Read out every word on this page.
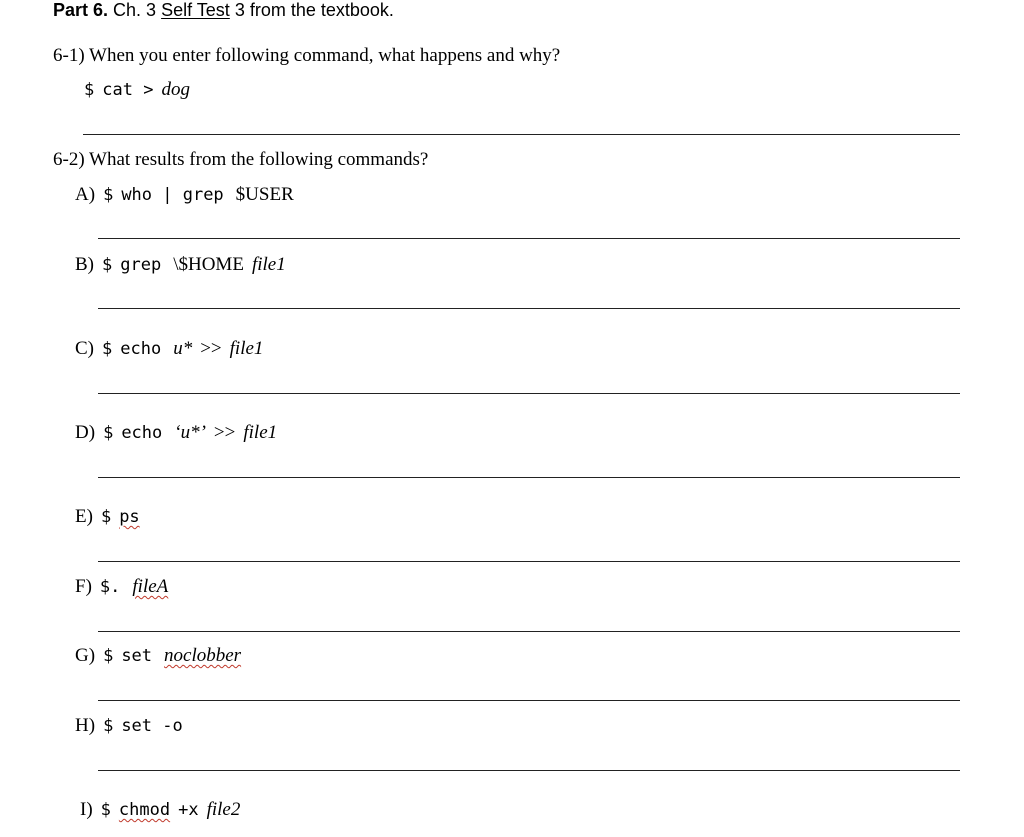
Part 6. Ch. 3 Self Test 3 from the textbook.
6-1) When you enter following command, what happens and why?
$ cat > dog
6-2) What results from the following commands?
A) $ who | grep $USER
B) $ grep \$HOME file1
C) $ echo u* >> file1
D) $ echo ‘u*’ >> file1
E) $ ps
F) $. fileA
G) $ set noclobber
H) $ set -o
I) $ chmod +x file2
